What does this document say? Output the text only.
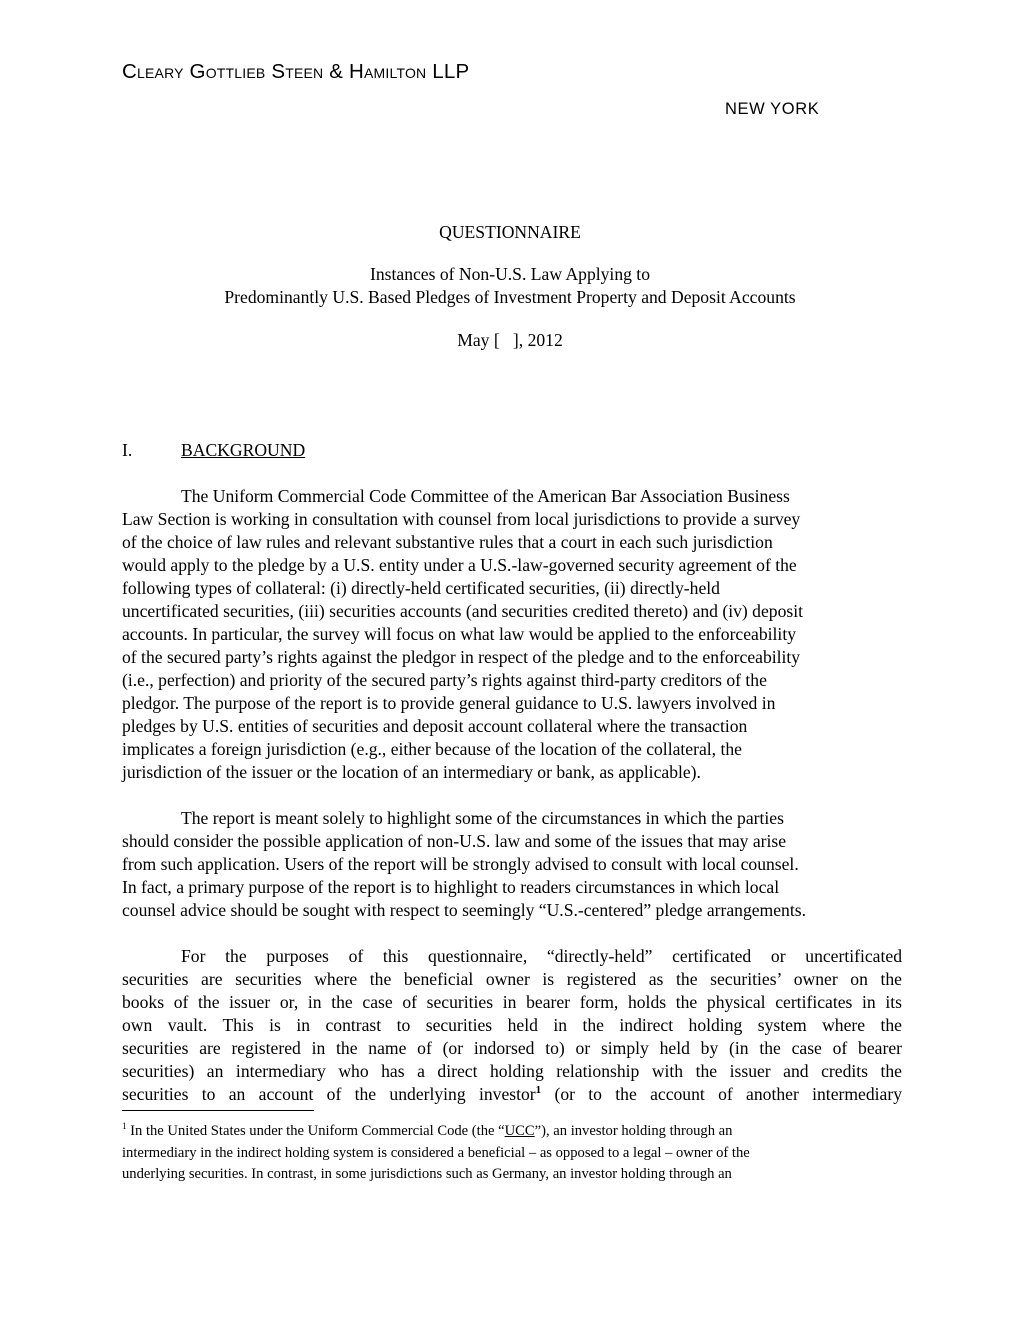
Cleary Gottlieb Steen & Hamilton LLP
NEW YORK
QUESTIONNAIRE
Instances of Non-U.S. Law Applying to
Predominantly U.S. Based Pledges of Investment Property and Deposit Accounts
May [   ], 2012
I.	BACKGROUND
The Uniform Commercial Code Committee of the American Bar Association Business
Law Section is working in consultation with counsel from local jurisdictions to provide a survey
of the choice of law rules and relevant substantive rules that a court in each such jurisdiction
would apply to the pledge by a U.S. entity under a U.S.-law-governed security agreement of the
following types of collateral: (i) directly-held certificated securities, (ii) directly-held
uncertificated securities, (iii) securities accounts (and securities credited thereto) and (iv) deposit
accounts. In particular, the survey will focus on what law would be applied to the enforceability
of the secured party’s rights against the pledgor in respect of the pledge and to the enforceability
(i.e., perfection) and priority of the secured party’s rights against third-party creditors of the
pledgor. The purpose of the report is to provide general guidance to U.S. lawyers involved in
pledges by U.S. entities of securities and deposit account collateral where the transaction
implicates a foreign jurisdiction (e.g., either because of the location of the collateral, the
jurisdiction of the issuer or the location of an intermediary or bank, as applicable).
The report is meant solely to highlight some of the circumstances in which the parties
should consider the possible application of non-U.S. law and some of the issues that may arise
from such application. Users of the report will be strongly advised to consult with local counsel.
In fact, a primary purpose of the report is to highlight to readers circumstances in which local
counsel advice should be sought with respect to seemingly “U.S.-centered” pledge arrangements.
For the purposes of this questionnaire, “directly-held” certificated or uncertificated
securities are securities where the beneficial owner is registered as the securities’ owner on the
books of the issuer or, in the case of securities in bearer form, holds the physical certificates in its
own vault. This is in contrast to securities held in the indirect holding system where the
securities are registered in the name of (or indorsed to) or simply held by (in the case of bearer
securities) an intermediary who has a direct holding relationship with the issuer and credits the
securities to an account of the underlying investor$^1$ (or to the account of another intermediary
$^1$ In the United States under the Uniform Commercial Code (the “UCC”), an investor holding through an
intermediary in the indirect holding system is considered a beneficial – as opposed to a legal – owner of the
underlying securities. In contrast, in some jurisdictions such as Germany, an investor holding through an
